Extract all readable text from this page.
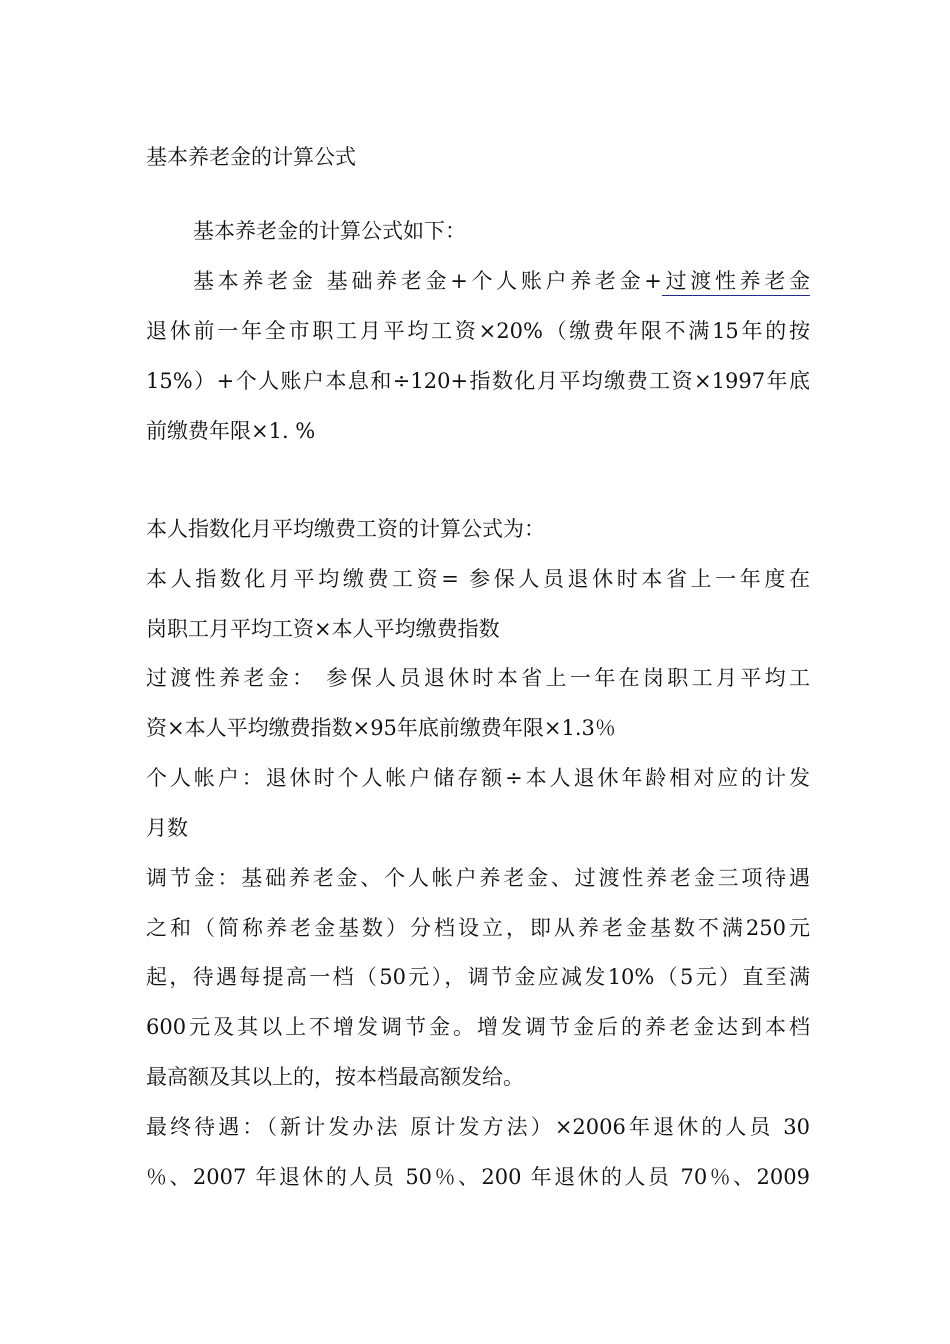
基本养老金的计算公式
基本养老金的计算公式如下：
基本养老金 基础养老金+个人账户养老金+过渡性养老金
退休前一年全市职工月平均工资×20%（缴费年限不满15年的按
15%）+个人账户本息和÷120+指数化月平均缴费工资×1997年底
前缴费年限×1. %
本人指数化月平均缴费工资的计算公式为：
本人指数化月平均缴费工资= 参保人员退休时本省上一年度在
岗职工月平均工资×本人平均缴费指数
过渡性养老金： 参保人员退休时本省上一年在岗职工月平均工
资×本人平均缴费指数×95年底前缴费年限×1.3％
个人帐户：退休时个人帐户储存额÷本人退休年龄相对应的计发
月数
调节金：基础养老金、个人帐户养老金、过渡性养老金三项待遇
之和（简称养老金基数）分档设立，即从养老金基数不满250元
起，待遇每提高一档（50元），调节金应减发10%（5元）直至满
600元及其以上不增发调节金。增发调节金后的养老金达到本档
最高额及其以上的，按本档最高额发给。
最终待遇：（新计发办法 原计发方法）×2006年退休的人员 30
％、2007 年退休的人员 50％、200 年退休的人员 70％、2009
